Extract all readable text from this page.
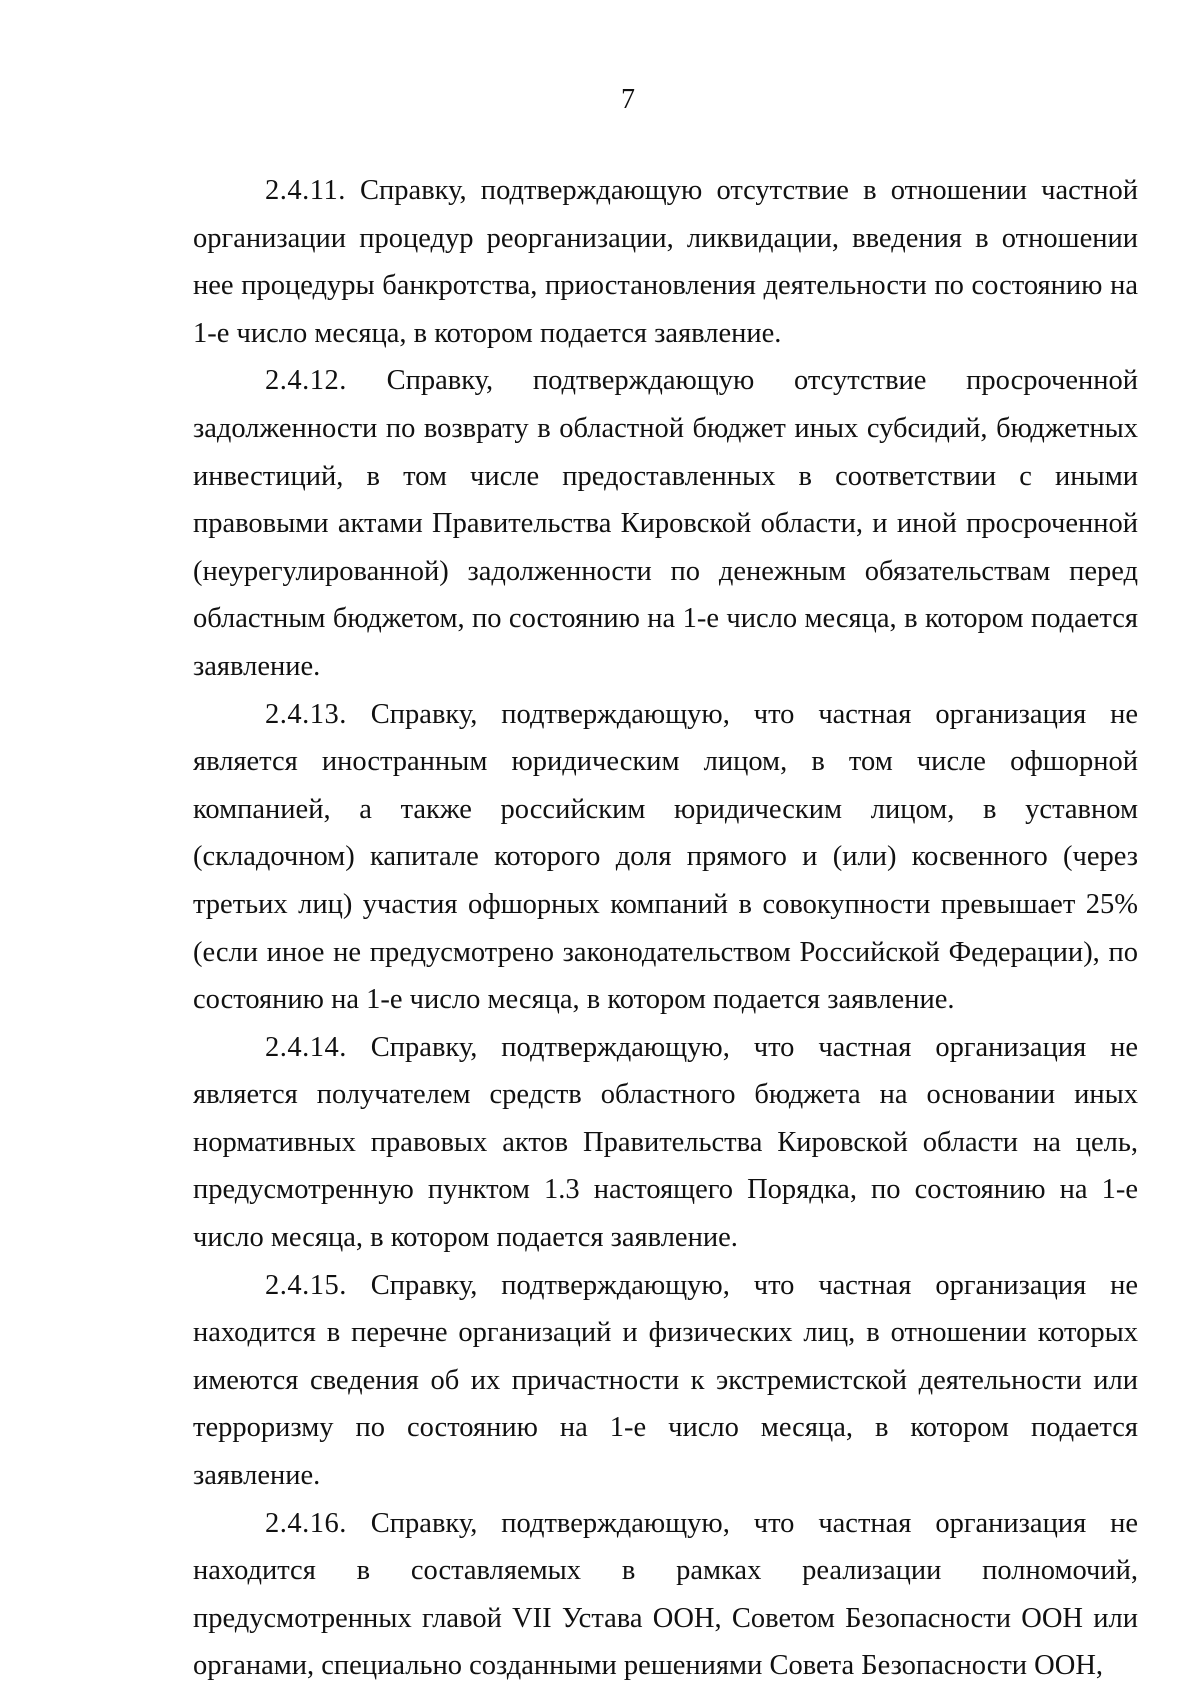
7

2.4.11. Справку, подтверждающую отсутствие в отношении частной организации процедур реорганизации, ликвидации, введения в отношении нее процедуры банкротства, приостановления деятельности по состоянию на 1-е число месяца, в котором подается заявление.

2.4.12. Справку, подтверждающую отсутствие просроченной задолженности по возврату в областной бюджет иных субсидий, бюджетных инвестиций, в том числе предоставленных в соответствии с иными правовыми актами Правительства Кировской области, и иной просроченной (неурегулированной) задолженности по денежным обязательствам перед областным бюджетом, по состоянию на 1-е число месяца, в котором подается заявление.

2.4.13. Справку, подтверждающую, что частная организация не является иностранным юридическим лицом, в том числе офшорной компанией, а также российским юридическим лицом, в уставном (складочном) капитале которого доля прямого и (или) косвенного (через третьих лиц) участия офшорных компаний в совокупности превышает 25% (если иное не предусмотрено законодательством Российской Федерации), по состоянию на 1-е число месяца, в котором подается заявление.

2.4.14. Справку, подтверждающую, что частная организация не является получателем средств областного бюджета на основании иных нормативных правовых актов Правительства Кировской области на цель, предусмотренную пунктом 1.3 настоящего Порядка, по состоянию на 1-е число месяца, в котором подается заявление.

2.4.15. Справку, подтверждающую, что частная организация не находится в перечне организаций и физических лиц, в отношении которых имеются сведения об их причастности к экстремистской деятельности или терроризму по состоянию на 1-е число месяца, в котором подается заявление.

2.4.16. Справку, подтверждающую, что частная организация не находится в составляемых в рамках реализации полномочий, предусмотренных главой VII Устава ООН, Советом Безопасности ООН или органами, специально созданными решениями Совета Безопасности ООН,
